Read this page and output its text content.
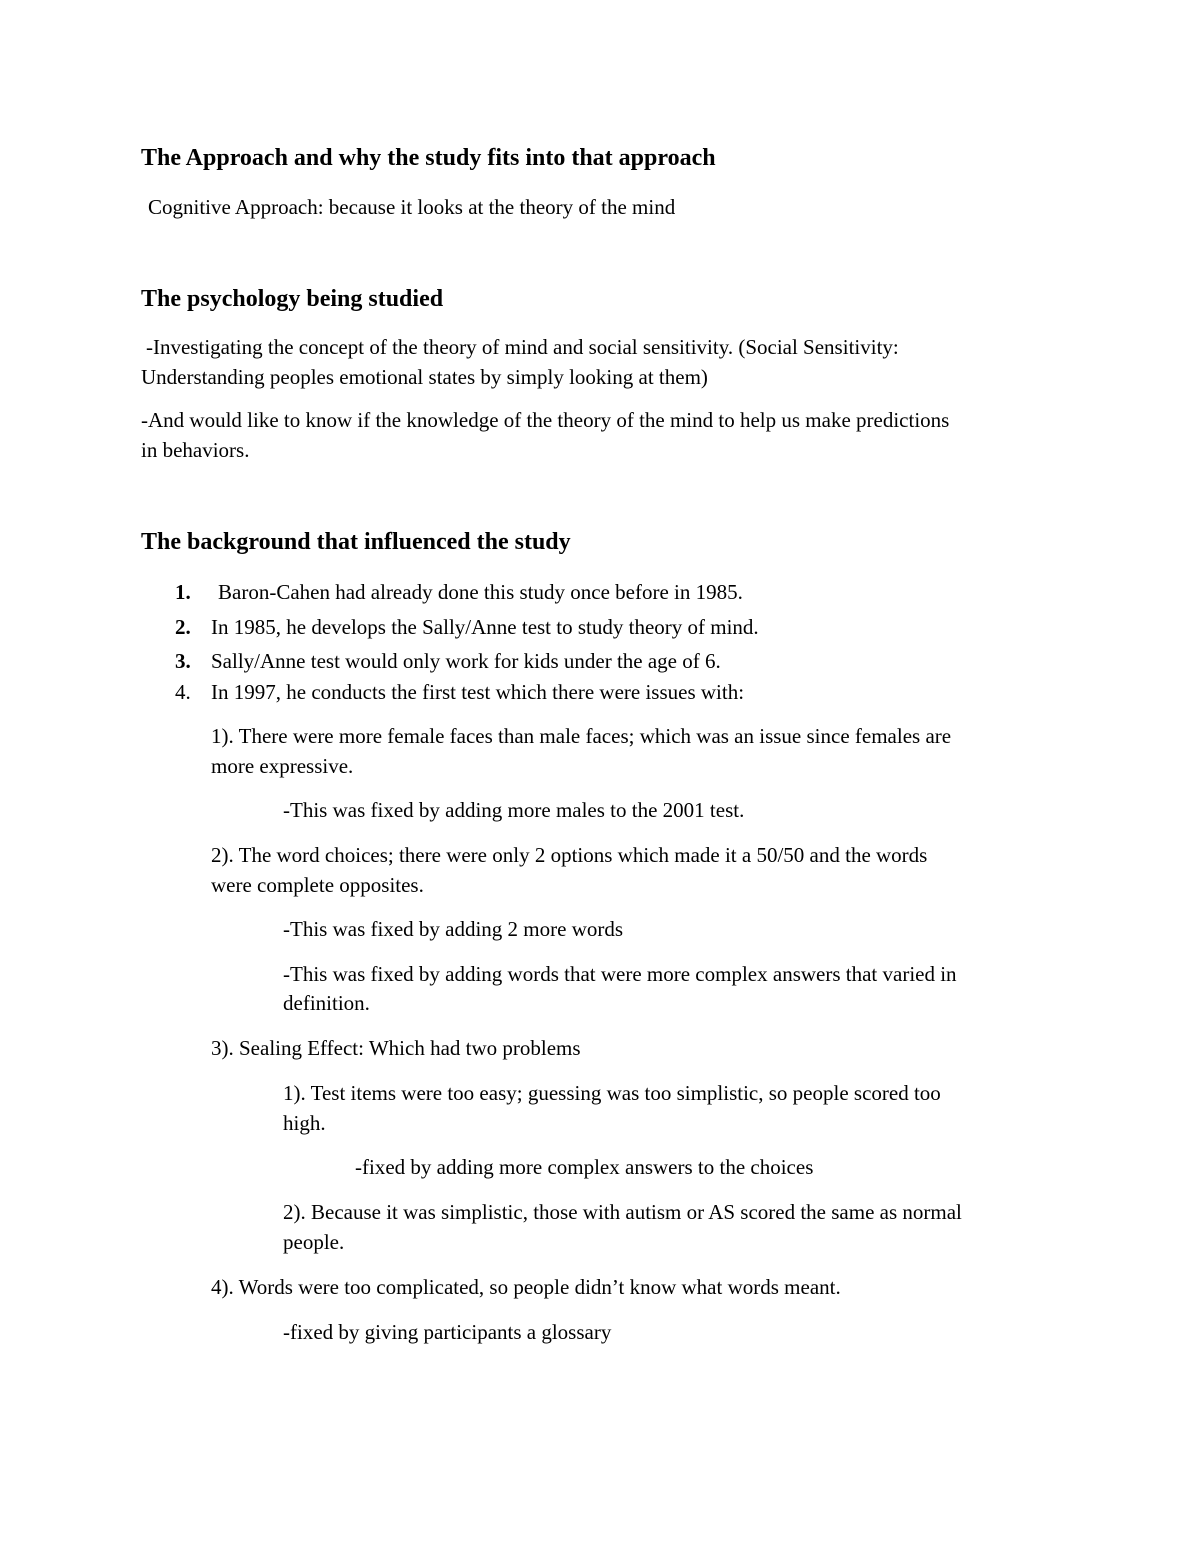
The Approach and why the study fits into that approach

Cognitive Approach: because it looks at the theory of the mind

The psychology being studied

-Investigating the concept of the theory of mind and social sensitivity. (Social Sensitivity:

Understanding peoples emotional states by simply looking at them)

-And would like to know if the knowledge of the theory of the mind to help us make predictions

in behaviors.

The background that influenced the study

1. Baron-Cahen had already done this study once before in 1985.
2. In 1985, he develops the Sally/Anne test to study theory of mind.
3. Sally/Anne test would only work for kids under the age of 6.
4. In 1997, he conducts the first test which there were issues with:

1). There were more female faces than male faces; which was an issue since females are

more expressive.

-This was fixed by adding more males to the 2001 test.

2). The word choices; there were only 2 options which made it a 50/50 and the words

were complete opposites.

-This was fixed by adding 2 more words

-This was fixed by adding words that were more complex answers that varied in

definition.

3). Sealing Effect: Which had two problems

1). Test items were too easy; guessing was too simplistic, so people scored too

high.

-fixed by adding more complex answers to the choices

2). Because it was simplistic, those with autism or AS scored the same as normal

people.

4). Words were too complicated, so people didn’t know what words meant.

-fixed by giving participants a glossary
